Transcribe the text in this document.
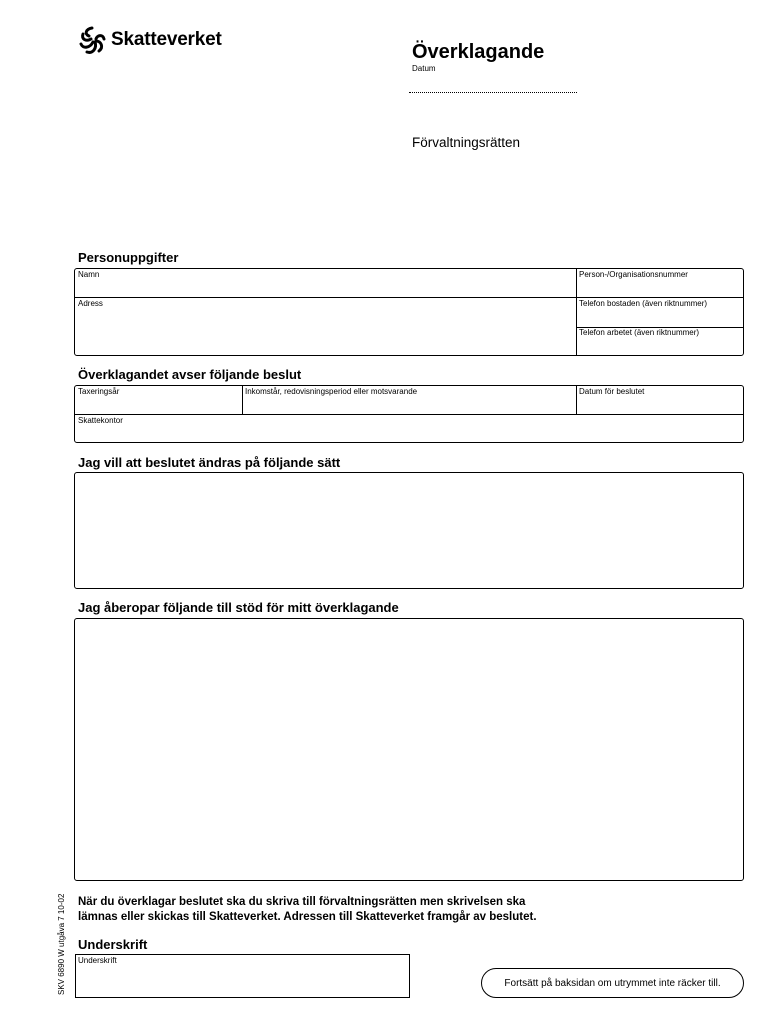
Skatteverket
Överklagande
Datum
Förvaltningsrätten
Personuppgifter
Namn	Person-/Organisationsnummer
Adress	Telefon bostaden (även riktnummer)
Telefon arbetet (även riktnummer)
Överklagandet avser följande beslut
Taxeringsår	Inkomstår, redovisningsperiod eller motsvarande	Datum för beslutet
Skattekontor
Jag vill att beslutet ändras på följande sätt
Jag åberopar följande till stöd för mitt överklagande
När du överklagar beslutet ska du skriva till förvaltningsrätten men skrivelsen ska
lämnas eller skickas till Skatteverket. Adressen till Skatteverket framgår av beslutet.
SKV 6890 W utgåva 7 10-02 Underskrift
Underskrift
Fortsätt på baksidan om utrymmet inte räcker till.
